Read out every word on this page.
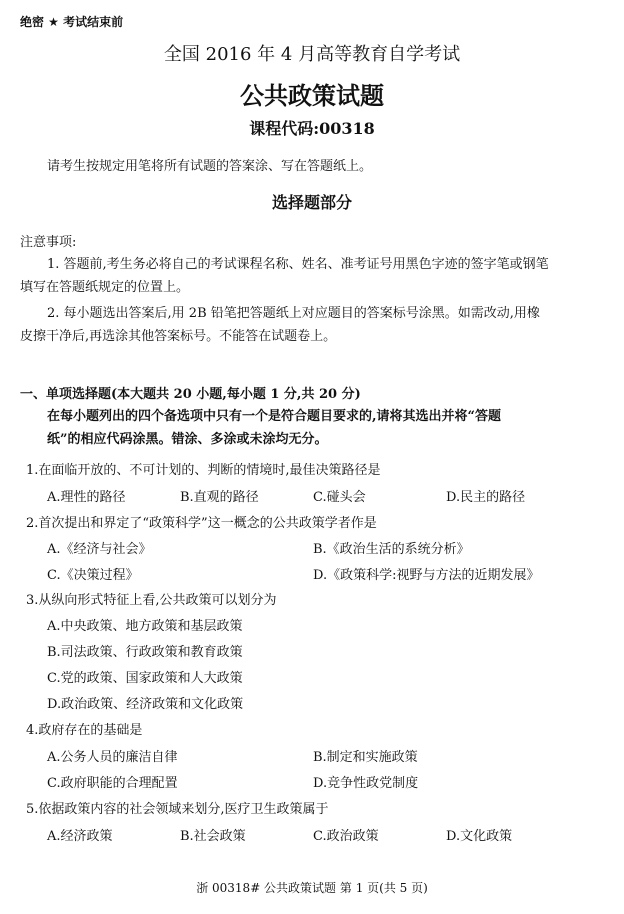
绝密 ★ 考试结束前
全国 2016 年 4 月高等教育自学考试
公共政策试题
课程代码:00318
请考生按规定用笔将所有试题的答案涂、写在答题纸上。
选择题部分
注意事项:
1. 答题前,考生务必将自己的考试课程名称、姓名、准考证号用黑色字迹的签字笔或钢笔
填写在答题纸规定的位置上。
2. 每小题选出答案后,用 2B 铅笔把答题纸上对应题目的答案标号涂黑。如需改动,用橡
皮擦干净后,再选涂其他答案标号。不能答在试题卷上。
一、单项选择题(本大题共 20 小题,每小题 1 分,共 20 分)
在每小题列出的四个备选项中只有一个是符合题目要求的,请将其选出并将“答题
纸”的相应代码涂黑。错涂、多涂或未涂均无分。
1.在面临开放的、不可计划的、判断的情境时,最佳决策路径是
A.理性的路径	B.直观的路径	C.碰头会	D.民主的路径
2.首次提出和界定了“政策科学”这一概念的公共政策学者作是
A.《经济与社会》	B.《政治生活的系统分析》
C.《决策过程》	D.《政策科学:视野与方法的近期发展》
3.从纵向形式特征上看,公共政策可以划分为
A.中央政策、地方政策和基层政策
B.司法政策、行政政策和教育政策
C.党的政策、国家政策和人大政策
D.政治政策、经济政策和文化政策
4.政府存在的基础是
A.公务人员的廉洁自律	B.制定和实施政策
C.政府职能的合理配置	D.竞争性政党制度
5.依据政策内容的社会领域来划分,医疗卫生政策属于
A.经济政策	B.社会政策	C.政治政策	D.文化政策
浙 00318# 公共政策试题 第 1 页(共 5 页)
